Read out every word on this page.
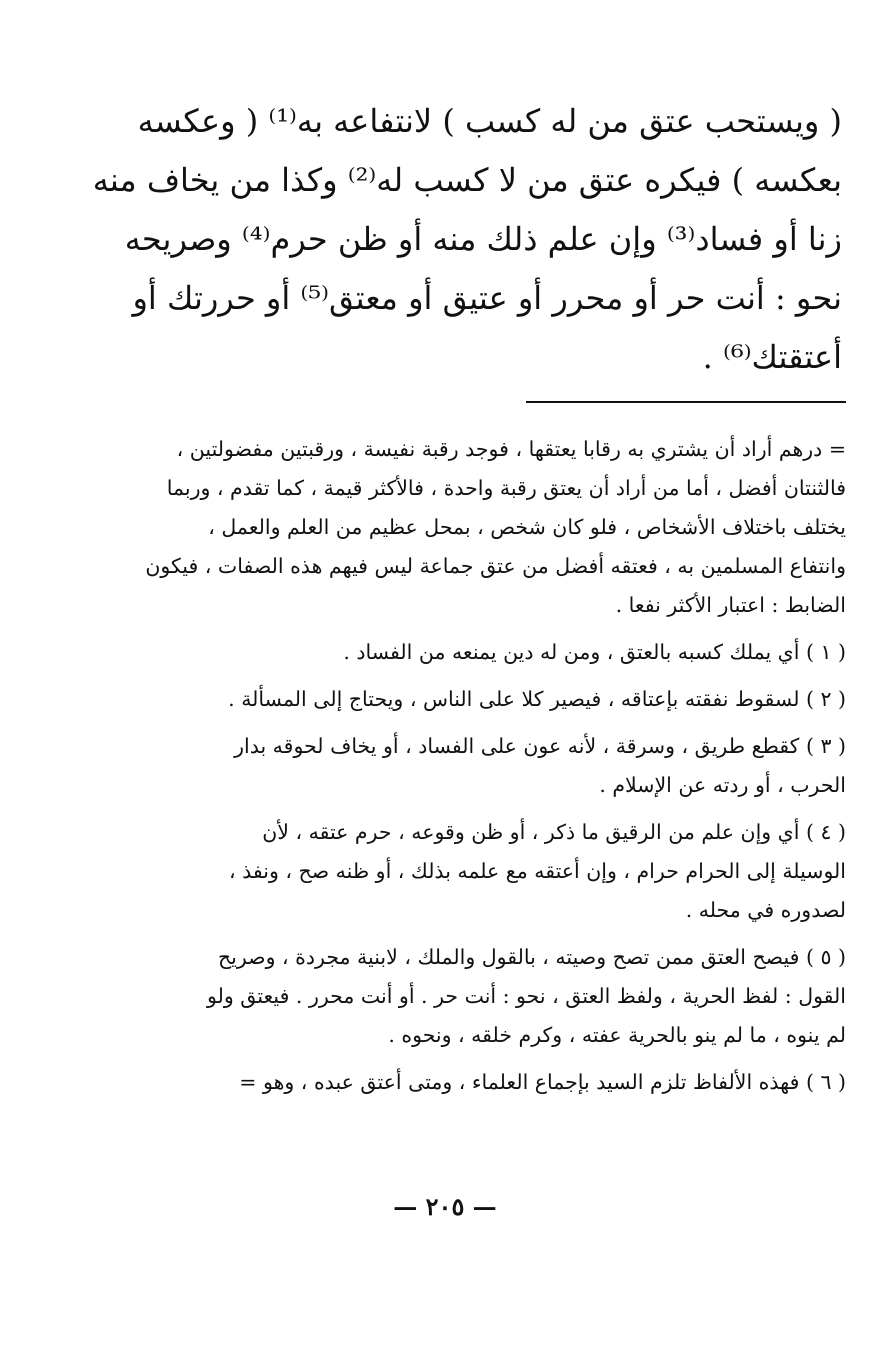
( ويستحب عتق من له كسب ) لانتفاعه به⁽¹⁾ ( وعكسه
بعكسه ) فيكره عتق من لا كسب له⁽²⁾ وكذا من يخاف منه
زنا أو فساد⁽³⁾ وإن علم ذلك منه أو ظن حرم⁽⁴⁾ وصريحه
نحو : أنت حر أو محرر أو عتيق أو معتق⁽⁵⁾ أو حررتك أو
أعتقتك⁽⁶⁾ .
= درهم أراد أن يشتري به رقابا يعتقها ، فوجد رقبة نفيسة ، ورقبتين مفضولتين ،
فالثنتان أفضل ، أما من أراد أن يعتق رقبة واحدة ، فالأكثر قيمة ، كما تقدم ، وربما
يختلف باختلاف الأشخاص ، فلو كان شخص ، بمحل عظيم من العلم والعمل ،
وانتفاع المسلمين به ، فعتقه أفضل من عتق جماعة ليس فيهم هذه الصفات ، فيكون
الضابط : اعتبار الأكثر نفعا .
( ١ ) أي يملك كسبه بالعتق ، ومن له دين يمنعه من الفساد .
( ٢ ) لسقوط نفقته بإعتاقه ، فيصير كلا على الناس ، ويحتاج إلى المسألة .
( ٣ ) كقطع طريق ، وسرقة ، لأنه عون على الفساد ، أو يخاف لحوقه بدار
الحرب ، أو ردته عن الإسلام .
( ٤ ) أي وإن علم من الرقيق ما ذكر ، أو ظن وقوعه ، حرم عتقه ، لأن
الوسيلة إلى الحرام حرام ، وإن أعتقه مع علمه بذلك ، أو ظنه صح ، ونفذ ،
لصدوره في محله .
( ٥ ) فيصح العتق ممن تصح وصيته ، بالقول والملك ، لابنية مجردة ، وصريح
القول : لفظ الحرية ، ولفظ العتق ، نحو : أنت حر . أو أنت محرر . فيعتق ولو
لم ينوه ، ما لم ينو بالحرية عفته ، وكرم خلقه ، ونحوه .
( ٦ ) فهذه الألفاظ تلزم السيد بإجماع العلماء ، ومتى أعتق عبده ، وهو =
— ٢٠٥ —
